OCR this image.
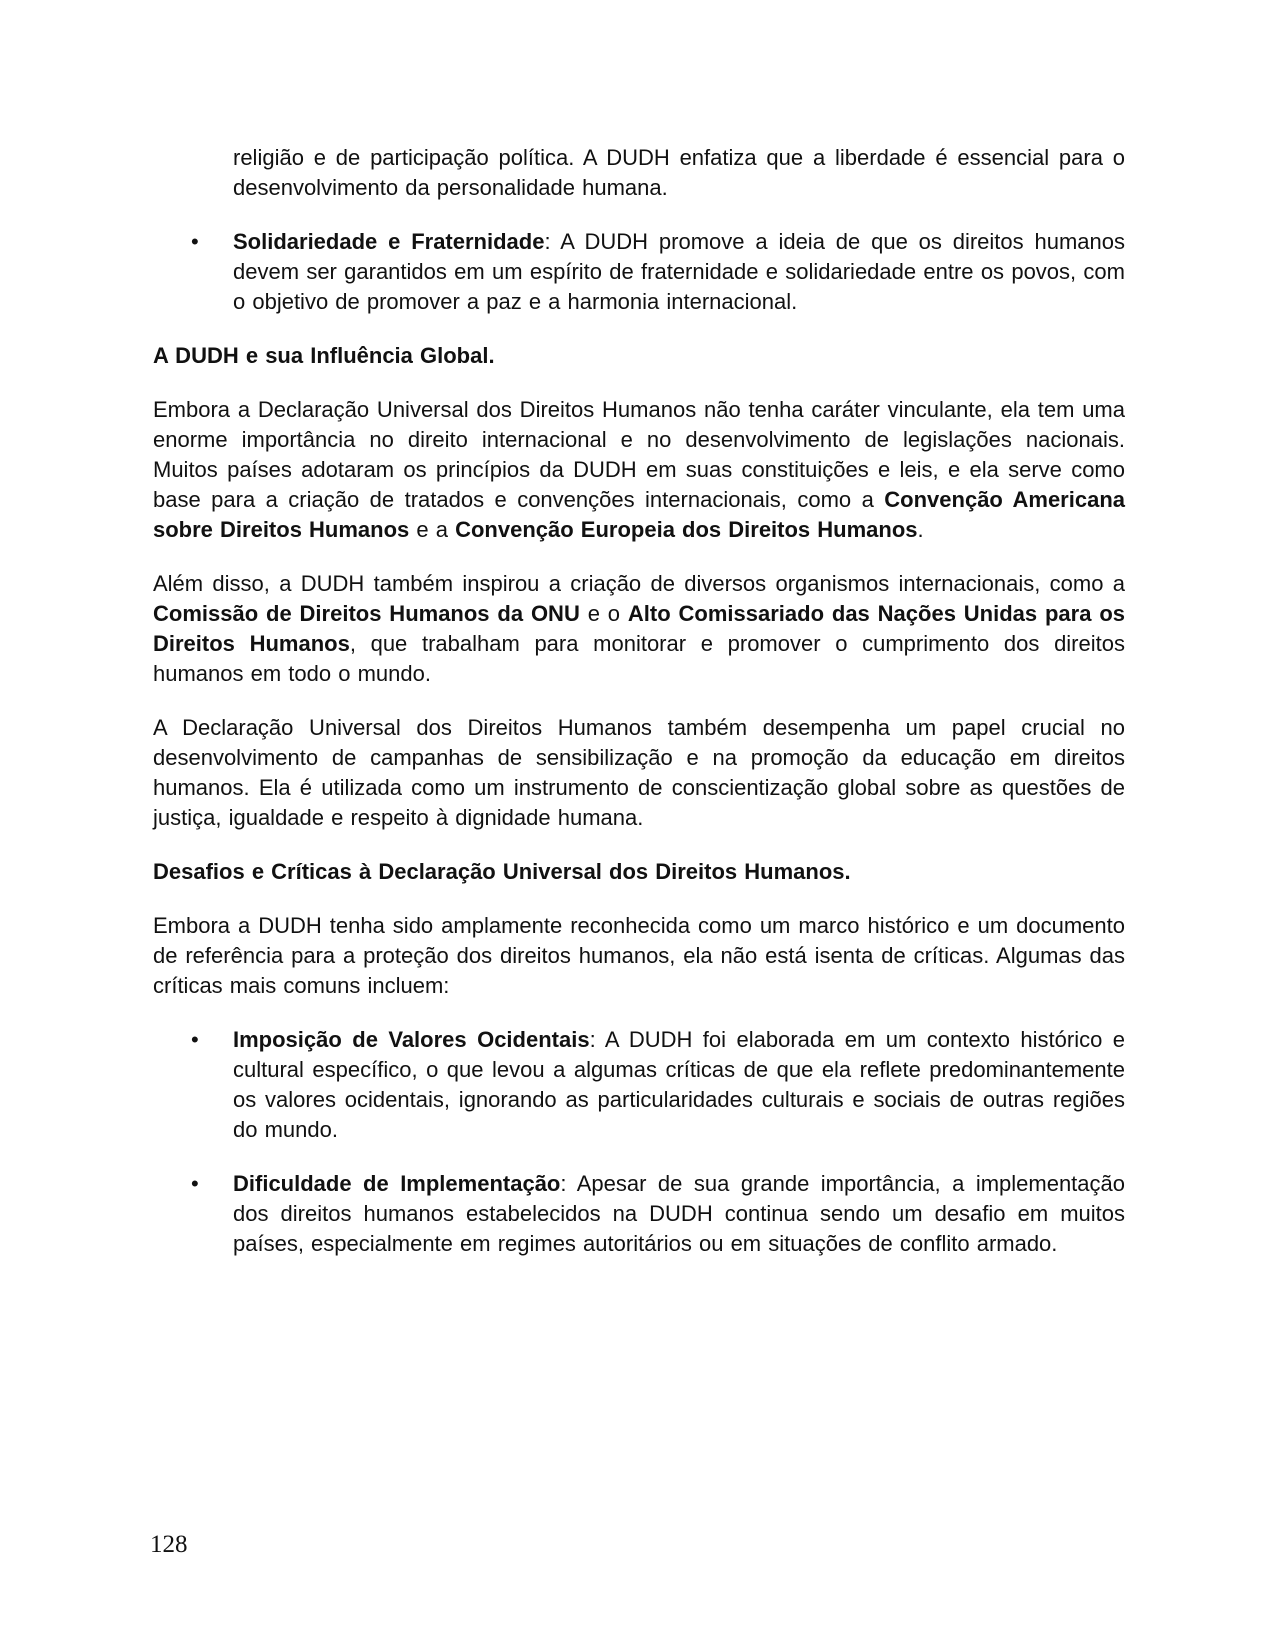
religião e de participação política. A DUDH enfatiza que a liberdade é essencial para o desenvolvimento da personalidade humana.
• Solidariedade e Fraternidade: A DUDH promove a ideia de que os direitos humanos devem ser garantidos em um espírito de fraternidade e solidariedade entre os povos, com o objetivo de promover a paz e a harmonia internacional.
A DUDH e sua Influência Global.
Embora a Declaração Universal dos Direitos Humanos não tenha caráter vinculante, ela tem uma enorme importância no direito internacional e no desenvolvimento de legislações nacionais. Muitos países adotaram os princípios da DUDH em suas constituições e leis, e ela serve como base para a criação de tratados e convenções internacionais, como a Convenção Americana sobre Direitos Humanos e a Convenção Europeia dos Direitos Humanos.
Além disso, a DUDH também inspirou a criação de diversos organismos internacionais, como a Comissão de Direitos Humanos da ONU e o Alto Comissariado das Nações Unidas para os Direitos Humanos, que trabalham para monitorar e promover o cumprimento dos direitos humanos em todo o mundo.
A Declaração Universal dos Direitos Humanos também desempenha um papel crucial no desenvolvimento de campanhas de sensibilização e na promoção da educação em direitos humanos. Ela é utilizada como um instrumento de conscientização global sobre as questões de justiça, igualdade e respeito à dignidade humana.
Desafios e Críticas à Declaração Universal dos Direitos Humanos.
Embora a DUDH tenha sido amplamente reconhecida como um marco histórico e um documento de referência para a proteção dos direitos humanos, ela não está isenta de críticas. Algumas das críticas mais comuns incluem:
• Imposição de Valores Ocidentais: A DUDH foi elaborada em um contexto histórico e cultural específico, o que levou a algumas críticas de que ela reflete predominantemente os valores ocidentais, ignorando as particularidades culturais e sociais de outras regiões do mundo.
• Dificuldade de Implementação: Apesar de sua grande importância, a implementação dos direitos humanos estabelecidos na DUDH continua sendo um desafio em muitos países, especialmente em regimes autoritários ou em situações de conflito armado.
128
